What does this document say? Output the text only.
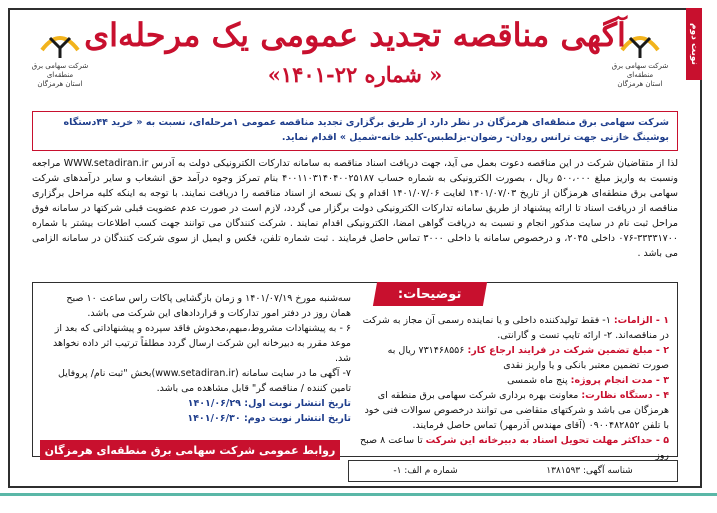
نوبت دوم
شرکت سهامی برق منطقه‌ای
استان هرمزگان
شرکت سهامی برق منطقه‌ای
استان هرمزگان
آگهی مناقصه تجدید عمومی یک مرحله‌ای
« شماره ۲۲-۱۴۰۱»
شرکت سهامی برق منطقه‌ای هرمزگان در نظر دارد از طریق برگزاری تجدید مناقصه عمومی ۱مرحله‌ای، نسبت به « خرید ۴۴دستگاه بوشینگ خازنی جهت ترانس رودان- رضوان-بزلطبس-کلید خانه-شمیل » اقدام نماید.
لذا از متقاضیان شرکت در این مناقصه دعوت بعمل می آید، جهت دریافت اسناد مناقصه به سامانه تدارکات الکترونیکی دولت به آدرس WWW.setadiran.ir مراجعه ونسبت به واریز مبلغ ۵۰۰،۰۰۰ ریال ، بصورت الکترونیکی به شماره حساب ۴۰۰۱۱۰۳۱۴۰۴۰۰۲۵۱۸۷ بنام تمرکز وجوه درآمد حق انشعاب و سایر درآمدهای شرکت سهامی برق منطقه‌ای هرمزگان از تاریخ ۱۴۰۱/۰۷/۰۳ لغایت ۱۴۰۱/۰۷/۰۶ اقدام و یک نسخه از اسناد مناقصه را دریافت نمایند. با توجه به اینکه کلیه مراحل برگزاری مناقصه از دریافت اسناد تا ارائه پیشنهاد از طریق سامانه تدارکات الکترونیکی دولت برگزار می گردد، لازم است در صورت عدم عضویت قبلی شرکتها در سامانه فوق مراحل ثبت نام در سایت مذکور انجام و نسبت به دریافت گواهی امضا، الکترونیکی اقدام نمایند . شرکت کنندگان می توانند جهت کسب اطلاعات بیشتر با شماره ۳۳۳۳۱۷۰۰-۰۷۶ داخلی ۲۰۴۵، و درخصوص سامانه با داخلی ۳۰۰۰ تماس حاصل فرمایند . ثبت شماره تلفن، فکس و ایمیل از سوی شرکت کنندگان در سامانه الزامی می باشد .
توضیحات:
۱ - الزامات: ۱- فقط تولیدکننده داخلی و یا نماینده رسمی آن مجاز به شرکت در مناقصه‌اند. ۲- ارائه تایپ تست و گارانتی.
۲ - مبلغ تضمین شرکت در فرایند ارجاع کار: ۷۳۱۴۶۸۵۵۶ ریال به صورت تضمین معتبر بانکی و یا واریز نقدی
۳ - مدت انجام پروژه: پنج ماه شمسی
۴ - دستگاه نظارت: معاونت بهره برداری شرکت سهامی برق منطقه ای هرمزگان می باشد و شرکتهای متقاضی می توانند درخصوص سوالات فنی خود با تلفن ۰۹۰۰۴۸۲۸۵۲ (آقای مهندس آذرمهر) تماس حاصل فرمایند.
۵ - حداکثر مهلت تحویل اسناد به دبیرخانه این شرکت تا ساعت ۸ صبح روز
سه‌شنبه مورخ ۱۴۰۱/۰۷/۱۹ و زمان بازگشایی پاکات راس ساعت ۱۰ صبح
همان روز در دفتر امور تدارکات و قراردادهای این شرکت می باشد.
۶ - به پیشنهادات مشروط،مبهم،مخدوش فاقد سپرده و پیشنهاداتی که بعد از موعد مقرر به دبیرخانه این شرکت ارسال گردد مطلقاً ترتیب اثر داده نخواهد شد.
۷- آگهی ما در سایت سامانه (www.setadiran.ir)بخش "ثبت نام/ پروفایل تامین کننده / مناقصه گر" قابل مشاهده می باشد.
تاریخ انتشار نوبت اول: ۱۴۰۱/۰۶/۲۹
تاریخ انتشار نوبت دوم: ۱۴۰۱/۰۶/۳۰
روابط عمومی شرکت سهامی برق منطقه‌ای هرمزگان
شناسه آگهی: ۱۳۸۱۵۹۳
شماره م الف: ۱-
